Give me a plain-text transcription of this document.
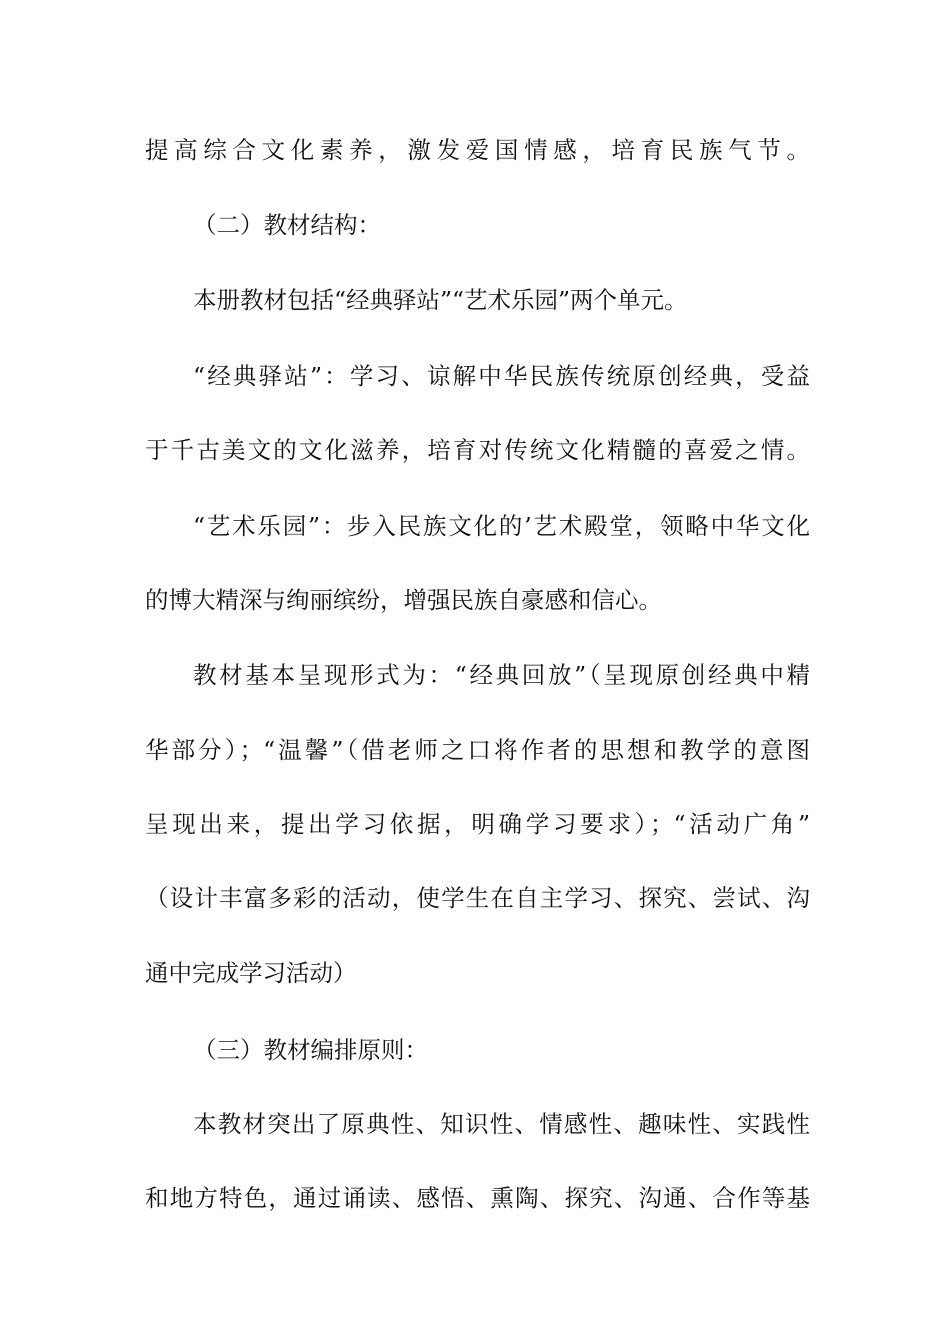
提高综合文化素养，激发爱国情感，培育民族气节。
（二）教材结构：
本册教材包括“经典驿站”“艺术乐园”两个单元。
“经典驿站”：学习、谅解中华民族传统原创经典，受益
于千古美文的文化滋养，培育对传统文化精髓的喜爱之情。
“艺术乐园”：步入民族文化的’艺术殿堂，领略中华文化
的博大精深与绚丽缤纷，增强民族自豪感和信心。
教材基本呈现形式为：“经典回放”（呈现原创经典中精
华部分）；“温馨”（借老师之口将作者的思想和教学的意图
呈现出来，提出学习依据，明确学习要求）；“活动广角”
（设计丰富多彩的活动，使学生在自主学习、探究、尝试、沟
通中完成学习活动）
（三）教材编排原则：
本教材突出了原典性、知识性、情感性、趣味性、实践性
和地方特色，通过诵读、感悟、熏陶、探究、沟通、合作等基
